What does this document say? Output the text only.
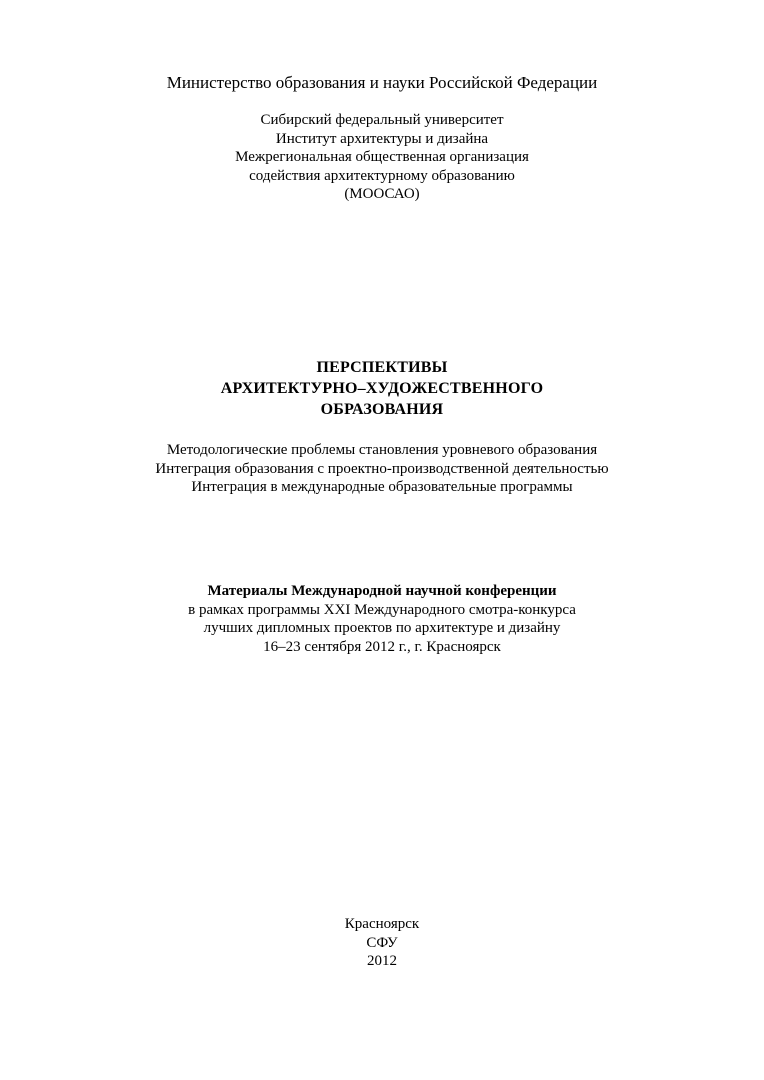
Министерство образования и науки Российской Федерации
Сибирский федеральный университет
Институт архитектуры и дизайна
Межрегиональная общественная организация
содействия архитектурному образованию
(МООСАО)
ПЕРСПЕКТИВЫ
АРХИТЕКТУРНО–ХУДОЖЕСТВЕННОГО
ОБРАЗОВАНИЯ
Методологические проблемы становления уровневого образования
Интеграция образования с проектно-производственной деятельностью
Интеграция в международные образовательные программы
Материалы Международной научной конференции
в рамках программы XXI Международного смотра-конкурса
лучших дипломных проектов по архитектуре и дизайну
16–23 сентября 2012 г., г. Красноярск
Красноярск
СФУ
2012
